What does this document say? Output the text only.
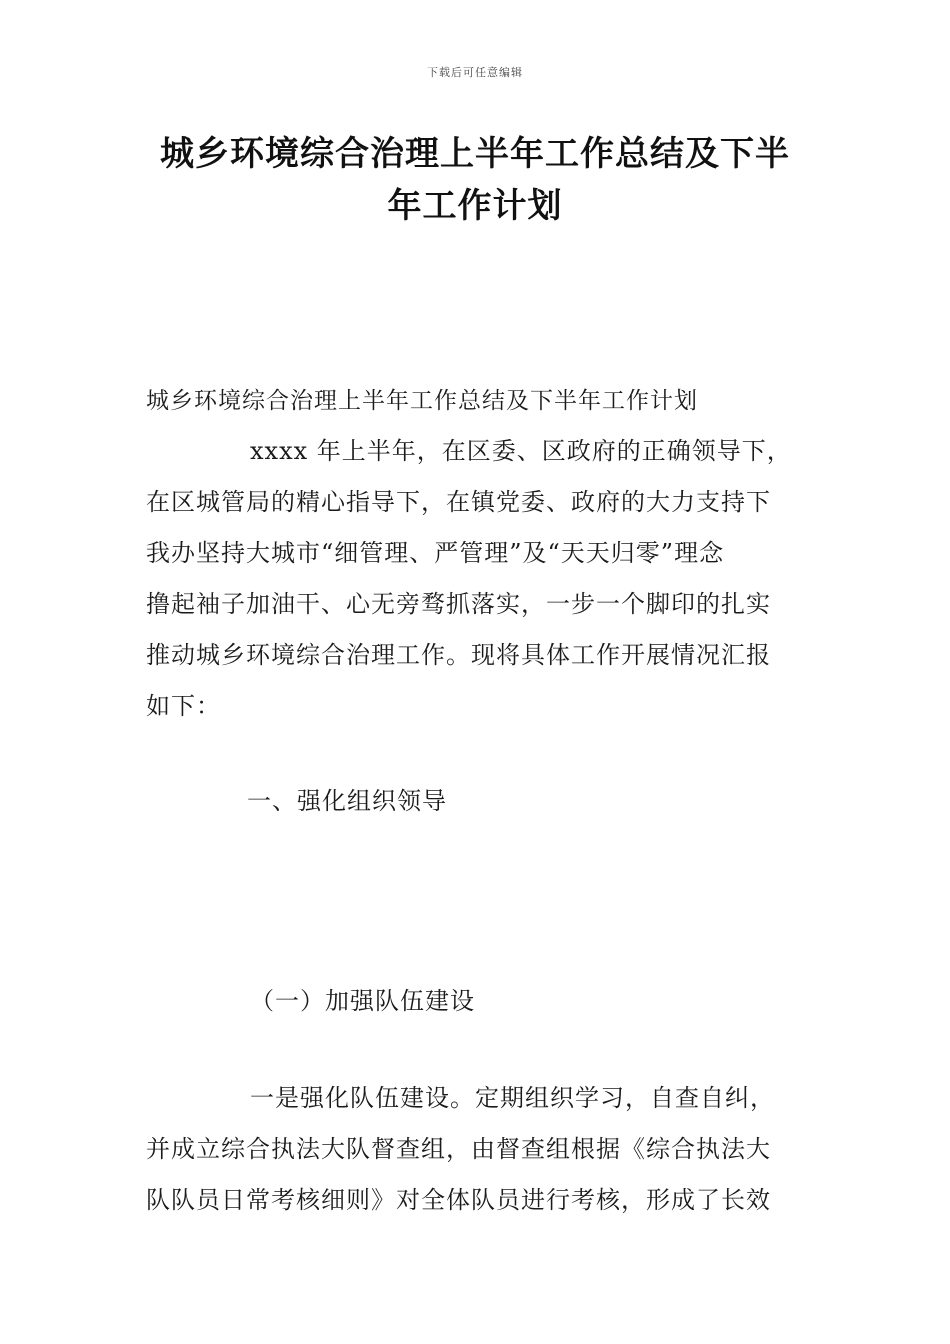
下载后可任意编辑
城乡环境综合治理上半年工作总结及下半
年工作计划
城乡环境综合治理上半年工作总结及下半年工作计划
xxxx 年上半年，在区委、区政府的正确领导下，
在区城管局的精心指导下，在镇党委、政府的大力支持下
我办坚持大城市“细管理、严管理”及“天天归零”理念
撸起袖子加油干、心无旁骛抓落实，一步一个脚印的扎实
推动城乡环境综合治理工作。现将具体工作开展情况汇报
如下：
一、强化组织领导
（一）加强队伍建设
一是强化队伍建设。定期组织学习，自查自纠，
并成立综合执法大队督查组，由督查组根据《综合执法大
队队员日常考核细则》对全体队员进行考核，形成了长效
